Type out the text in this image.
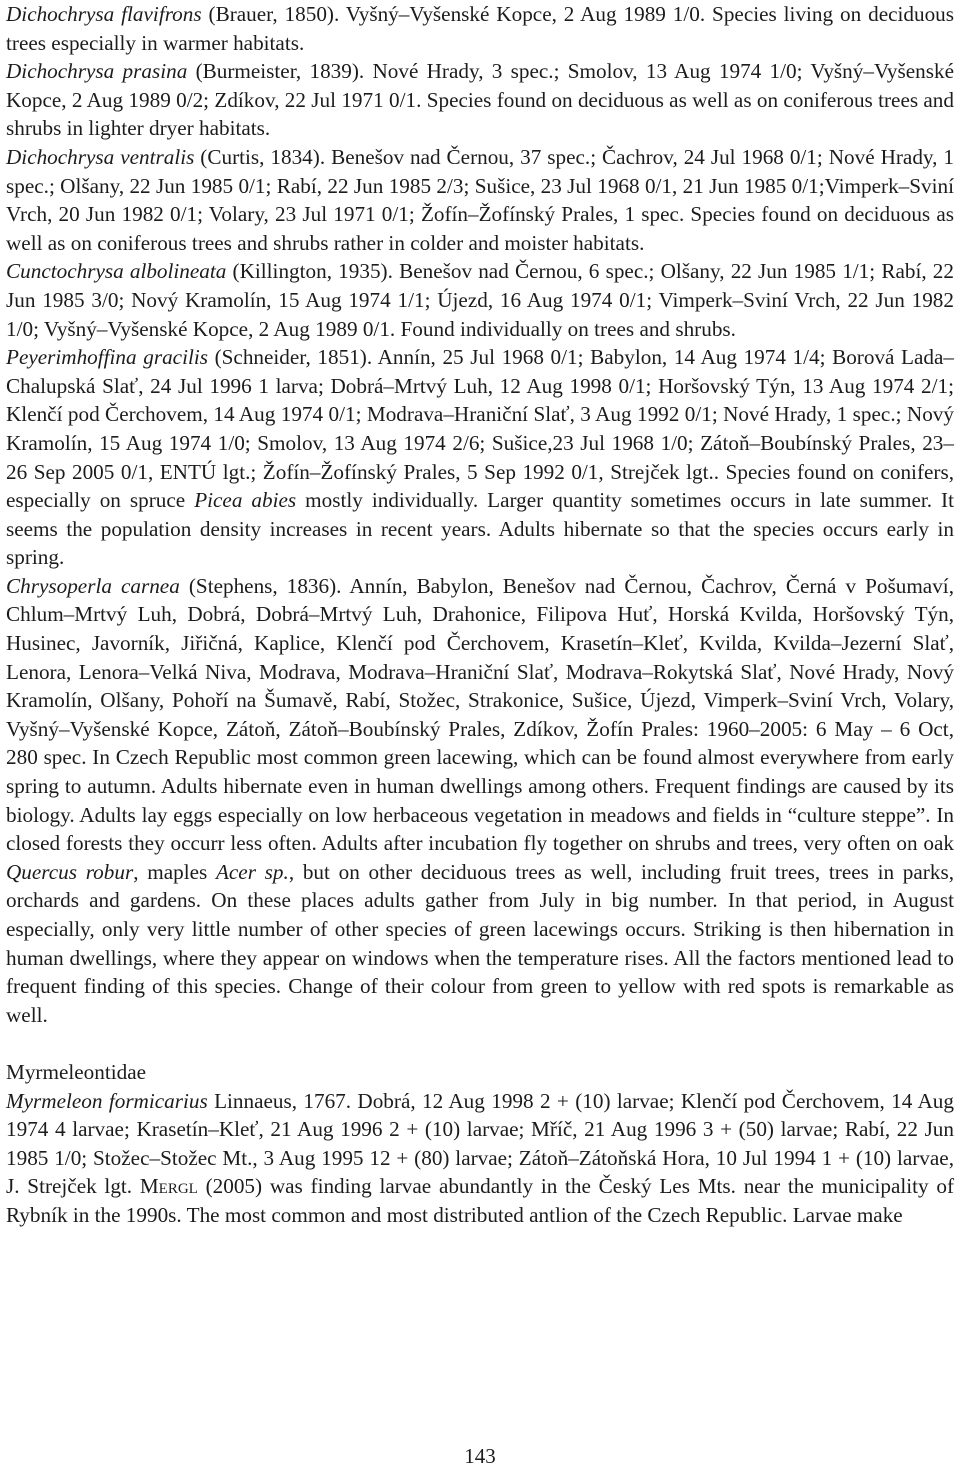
Dichochrysa flavifrons (Brauer, 1850). Vyšný–Vyšenské Kopce, 2 Aug 1989 1/0. Species living on deciduous trees especially in warmer habitats.

Dichochrysa prasina (Burmeister, 1839). Nové Hrady, 3 spec.; Smolov, 13 Aug 1974 1/0; Vyšný–Vyšenské Kopce, 2 Aug 1989 0/2; Zdíkov, 22 Jul 1971 0/1. Species found on deciduous as well as on coniferous trees and shrubs in lighter dryer habitats.

Dichochrysa ventralis (Curtis, 1834). Benešov nad Černou, 37 spec.; Čachrov, 24 Jul 1968 0/1; Nové Hrady, 1 spec.; Olšany, 22 Jun 1985 0/1; Rabí, 22 Jun 1985 2/3; Sušice, 23 Jul 1968 0/1, 21 Jun 1985 0/1;Vimperk–Sviní Vrch, 20 Jun 1982 0/1; Volary, 23 Jul 1971 0/1; Žofín–Žofínský Prales, 1 spec. Species found on deciduous as well as on coniferous trees and shrubs rather in colder and moister habitats.

Cunctochrysa albolineata (Killington, 1935). Benešov nad Černou, 6 spec.; Olšany, 22 Jun 1985 1/1; Rabí, 22 Jun 1985 3/0; Nový Kramolín, 15 Aug 1974 1/1; Újezd, 16 Aug 1974 0/1; Vimperk–Sviní Vrch, 22 Jun 1982 1/0; Vyšný–Vyšenské Kopce, 2 Aug 1989 0/1. Found individually on trees and shrubs.

Peyerimhoffina gracilis (Schneider, 1851). Annín, 25 Jul 1968 0/1; Babylon, 14 Aug 1974 1/4; Borová Lada–Chalupská Slať, 24 Jul 1996 1 larva; Dobrá–Mrtvý Luh, 12 Aug 1998 0/1; Horšovský Týn, 13 Aug 1974 2/1; Klenčí pod Čerchovem, 14 Aug 1974 0/1; Modrava–Hraniční Slať, 3 Aug 1992 0/1; Nové Hrady, 1 spec.; Nový Kramolín, 15 Aug 1974 1/0; Smolov, 13 Aug 1974 2/6; Sušice,23 Jul 1968 1/0; Zátoň–Boubínský Prales, 23–26 Sep 2005 0/1, ENTÚ lgt.; Žofín–Žofínský Prales, 5 Sep 1992 0/1, Strejček lgt.. Species found on conifers, especially on spruce Picea abies mostly individually. Larger quantity sometimes occurs in late summer. It seems the population density increases in recent years. Adults hibernate so that the species occurs early in spring.

Chrysoperla carnea (Stephens, 1836). Annín, Babylon, Benešov nad Černou, Čachrov, Černá v Pošumaví, Chlum–Mrtvý Luh, Dobrá, Dobrá–Mrtvý Luh, Drahonice, Filipova Huť, Horská Kvilda, Horšovský Týn, Husinec, Javorník, Jiřičná, Kaplice, Klenčí pod Čerchovem, Krasetín–Kleť, Kvilda, Kvilda–Jezerní Slať, Lenora, Lenora–Velká Niva, Modrava, Modrava–Hraniční Slať, Modrava–Rokytská Slať, Nové Hrady, Nový Kramolín, Olšany, Pohoří na Šumavě, Rabí, Stožec, Strakonice, Sušice, Újezd, Vimperk–Sviní Vrch, Volary, Vyšný–Vyšenské Kopce, Zátoň, Zátoň–Boubínský Prales, Zdíkov, Žofín Prales: 1960–2005: 6 May – 6 Oct, 280 spec. In Czech Republic most common green lacewing, which can be found almost everywhere from early spring to autumn. Adults hibernate even in human dwellings among others. Frequent findings are caused by its biology. Adults lay eggs especially on low herbaceous vegetation in meadows and fields in “culture steppe”. In closed forests they occurr less often. Adults after incubation fly together on shrubs and trees, very often on oak Quercus robur, maples Acer sp., but on other deciduous trees as well, including fruit trees, trees in parks, orchards and gardens. On these places adults gather from July in big number. In that period, in August especially, only very little number of other species of green lacewings occurs. Striking is then hibernation in human dwellings, where they appear on windows when the temperature rises. All the factors mentioned lead to frequent finding of this species. Change of their colour from green to yellow with red spots is remarkable as well.

Myrmeleontidae

Myrmeleon formicarius Linnaeus, 1767. Dobrá, 12 Aug 1998 2 + (10) larvae; Klenčí pod Čerchovem, 14 Aug 1974 4 larvae; Krasetín–Kleť, 21 Aug 1996 2 + (10) larvae; Mříč, 21 Aug 1996 3 + (50) larvae; Rabí, 22 Jun 1985 1/0; Stožec–Stožec Mt., 3 Aug 1995 12 + (80) larvae; Zátoň–Zátoňská Hora, 10 Jul 1994 1 + (10) larvae, J. Strejček lgt. Mergl (2005) was finding larvae abundantly in the Český Les Mts. near the municipality of Rybník in the 1990s. The most common and most distributed antlion of the Czech Republic. Larvae make

143
